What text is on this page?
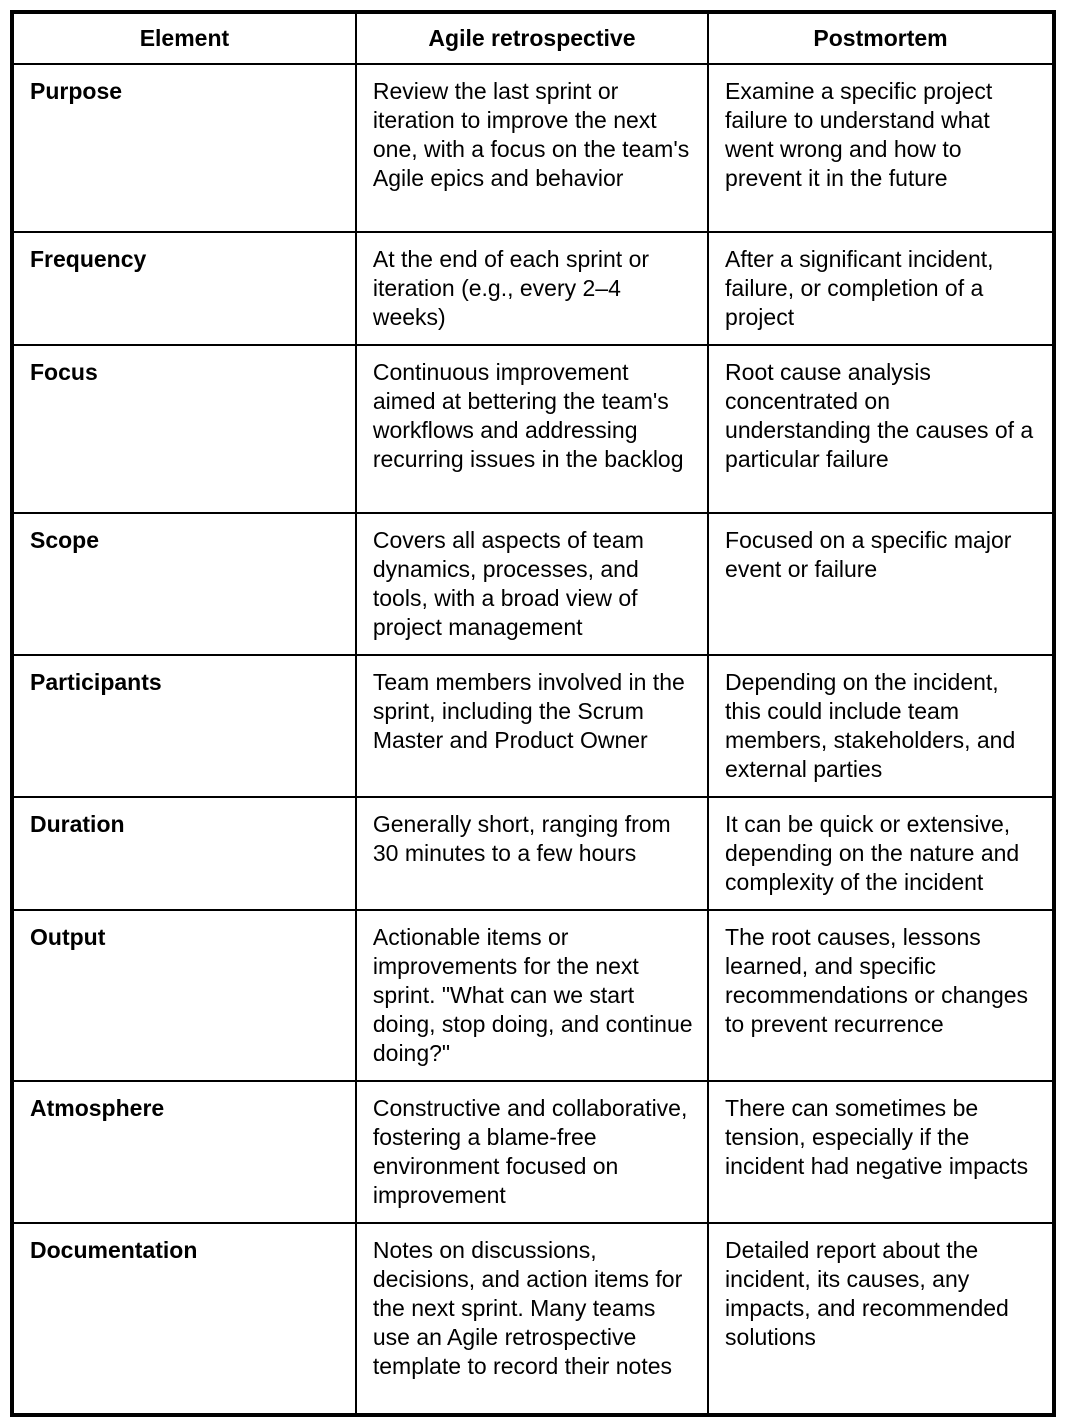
Element	Agile retrospective	Postmortem
Purpose	Review the last sprint or iteration to improve the next one, with a focus on the team's Agile epics and behavior	Examine a specific project failure to understand what went wrong and how to prevent it in the future
Frequency	At the end of each sprint or iteration (e.g., every 2–4 weeks)	After a significant incident, failure, or completion of a project
Focus	Continuous improvement aimed at bettering the team's workflows and addressing recurring issues in the backlog	Root cause analysis concentrated on understanding the causes of a particular failure
Scope	Covers all aspects of team dynamics, processes, and tools, with a broad view of project management	Focused on a specific major event or failure
Participants	Team members involved in the sprint, including the Scrum Master and Product Owner	Depending on the incident, this could include team members, stakeholders, and external parties
Duration	Generally short, ranging from 30 minutes to a few hours	It can be quick or extensive, depending on the nature and complexity of the incident
Output	Actionable items or improvements for the next sprint. "What can we start doing, stop doing, and continue doing?"	The root causes, lessons learned, and specific recommendations or changes to prevent recurrence
Atmosphere	Constructive and collaborative, fostering a blame-free environment focused on improvement	There can sometimes be tension, especially if the incident had negative impacts
Documentation	Notes on discussions, decisions, and action items for the next sprint. Many teams use an Agile retrospective template to record their notes	Detailed report about the incident, its causes, any impacts, and recommended solutions
